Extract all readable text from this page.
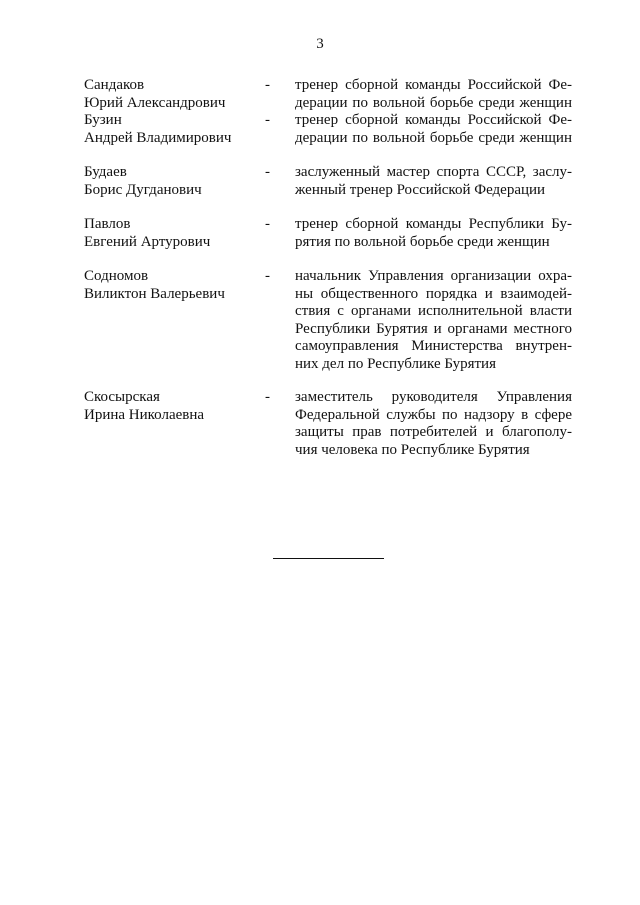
3
Сандаков
Юрий Александрович
- тренер сборной команды Российской Фе-
дерации по вольной борьбе среди женщин
Бузин
Андрей Владимирович
- тренер сборной команды Российской Фе-
дерации по вольной борьбе среди женщин
Будаев
Борис Дугданович
- заслуженный мастер спорта СССР, заслу-
женный тренер Российской Федерации
Павлов
Евгений Артурович
- тренер сборной команды Республики Бу-
рятия по вольной борьбе среди женщин
Содномов
Виликтон Валерьевич
- начальник Управления организации охра-
ны общественного порядка и взаимодей-
ствия с органами исполнительной власти
Республики Бурятия и органами местного
самоуправления Министерства внутрен-
них дел по Республике Бурятия
Скосырская
Ирина Николаевна
- заместитель руководителя Управления
Федеральной службы по надзору в сфере
защиты прав потребителей и благополу-
чия человека по Республике Бурятия
